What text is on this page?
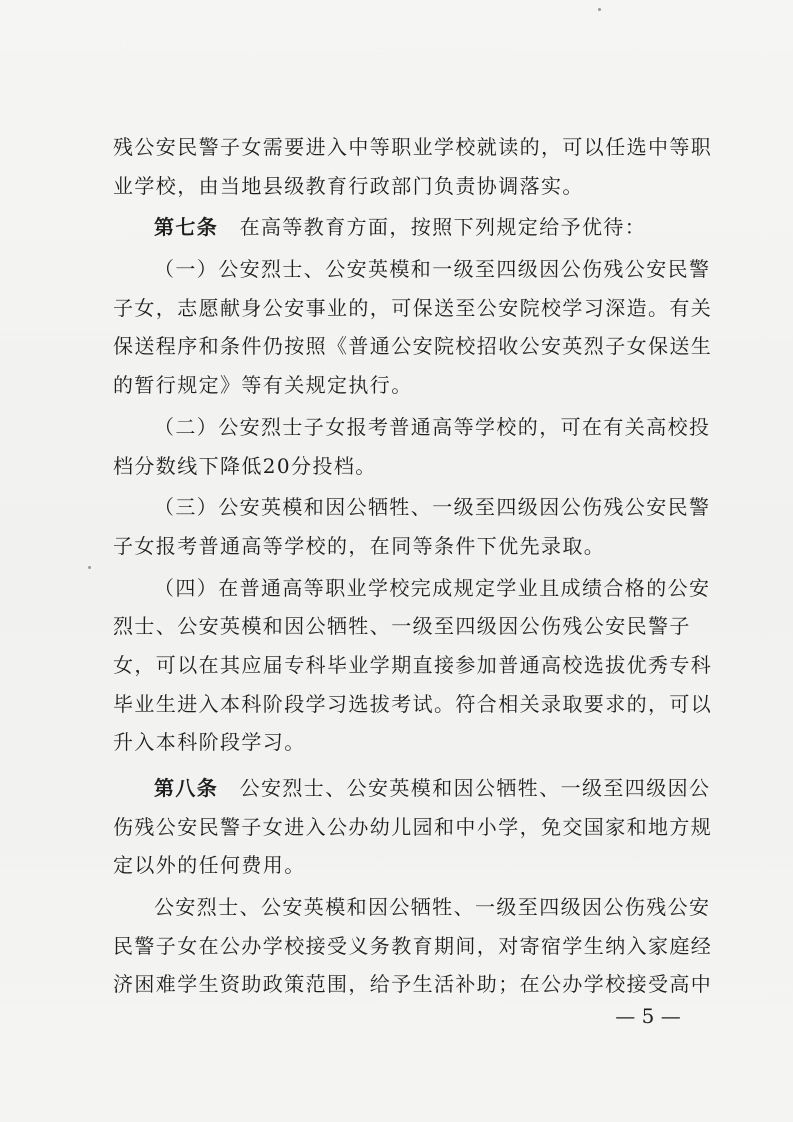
残公安民警子女需要进入中等职业学校就读的，可以任选中等职
业学校，由当地县级教育行政部门负责协调落实。
第七条　 在高等教育方面，按照下列规定给予优待：
（一）公安烈士、公安英模和一级至四级因公伤残公安民警
子女，志愿献身公安事业的，可保送至公安院校学习深造。有关
保送程序和条件仍按照《普通公安院校招收公安英烈子女保送生
的暂行规定》等有关规定执行。
（二）公安烈士子女报考普通高等学校的，可在有关高校投
档分数线下降低20分投档。
（三）公安英模和因公牺牲、一级至四级因公伤残公安民警
子女报考普通高等学校的，在同等条件下优先录取。
（四）在普通高等职业学校完成规定学业且成绩合格的公安
烈士、公安英模和因公牺牲、一级至四级因公伤残公安民警子
女，可以在其应届专科毕业学期直接参加普通高校选拔优秀专科
毕业生进入本科阶段学习选拔考试。符合相关录取要求的，可以
升入本科阶段学习。
第八条　 公安烈士、公安英模和因公牺牲、一级至四级因公
伤残公安民警子女进入公办幼儿园和中小学，免交国家和地方规
定以外的任何费用。
公安烈士、公安英模和因公牺牲、一级至四级因公伤残公安
民警子女在公办学校接受义务教育期间，对寄宿学生纳入家庭经
济困难学生资助政策范围，给予生活补助；在公办学校接受高中
— 5 —
